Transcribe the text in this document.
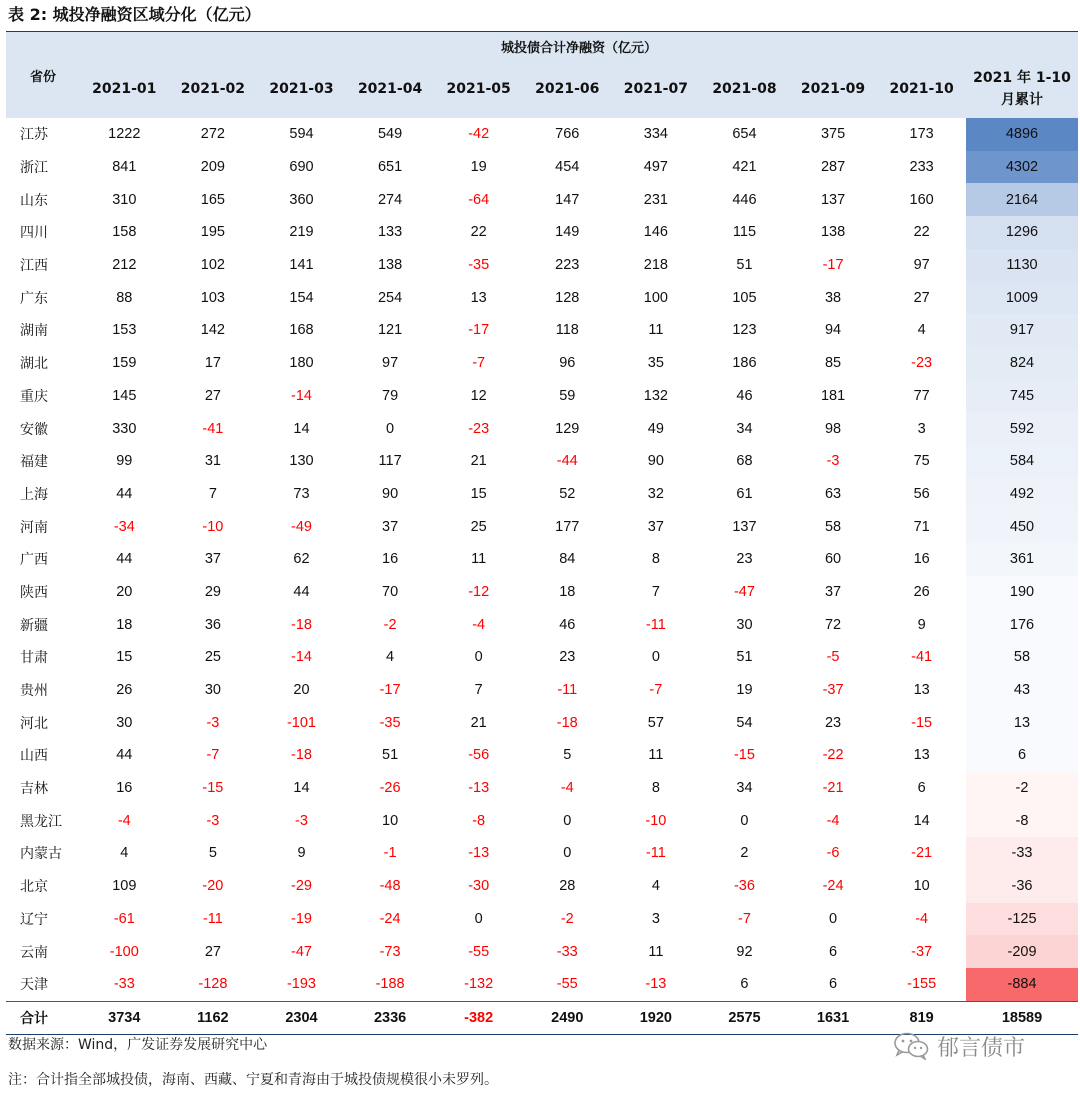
表 2: 城投净融资区域分化（亿元）
省份	城投债合计净融资（亿元）										
	2021-01	2021-02	2021-03	2021-04	2021-05	2021-06	2021-07	2021-08	2021-09	2021-10	2021 年 1-10 月累计
江苏	1222	272	594	549	-42	766	334	654	375	173	4896
浙江	841	209	690	651	19	454	497	421	287	233	4302
山东	310	165	360	274	-64	147	231	446	137	160	2164
四川	158	195	219	133	22	149	146	115	138	22	1296
江西	212	102	141	138	-35	223	218	51	-17	97	1130
广东	88	103	154	254	13	128	100	105	38	27	1009
湖南	153	142	168	121	-17	118	11	123	94	4	917
湖北	159	17	180	97	-7	96	35	186	85	-23	824
重庆	145	27	-14	79	12	59	132	46	181	77	745
安徽	330	-41	14	0	-23	129	49	34	98	3	592
福建	99	31	130	117	21	-44	90	68	-3	75	584
上海	44	7	73	90	15	52	32	61	63	56	492
河南	-34	-10	-49	37	25	177	37	137	58	71	450
广西	44	37	62	16	11	84	8	23	60	16	361
陕西	20	29	44	70	-12	18	7	-47	37	26	190
新疆	18	36	-18	-2	-4	46	-11	30	72	9	176
甘肃	15	25	-14	4	0	23	0	51	-5	-41	58
贵州	26	30	20	-17	7	-11	-7	19	-37	13	43
河北	30	-3	-101	-35	21	-18	57	54	23	-15	13
山西	44	-7	-18	51	-56	5	11	-15	-22	13	6
吉林	16	-15	14	-26	-13	-4	8	34	-21	6	-2
黑龙江	-4	-3	-3	10	-8	0	-10	0	-4	14	-8
内蒙古	4	5	9	-1	-13	0	-11	2	-6	-21	-33
北京	109	-20	-29	-48	-30	28	4	-36	-24	10	-36
辽宁	-61	-11	-19	-24	0	-2	3	-7	0	-4	-125
云南	-100	27	-47	-73	-55	-33	11	92	6	-37	-209
天津	-33	-128	-193	-188	-132	-55	-13	6	6	-155	-884
合计	3734	1162	2304	2336	-382	2490	1920	2575	1631	819	18589
数据来源：Wind，广发证券发展研究中心
注：合计指全部城投债，海南、西藏、宁夏和青海由于城投债规模很小未罗列。
郁言债市
